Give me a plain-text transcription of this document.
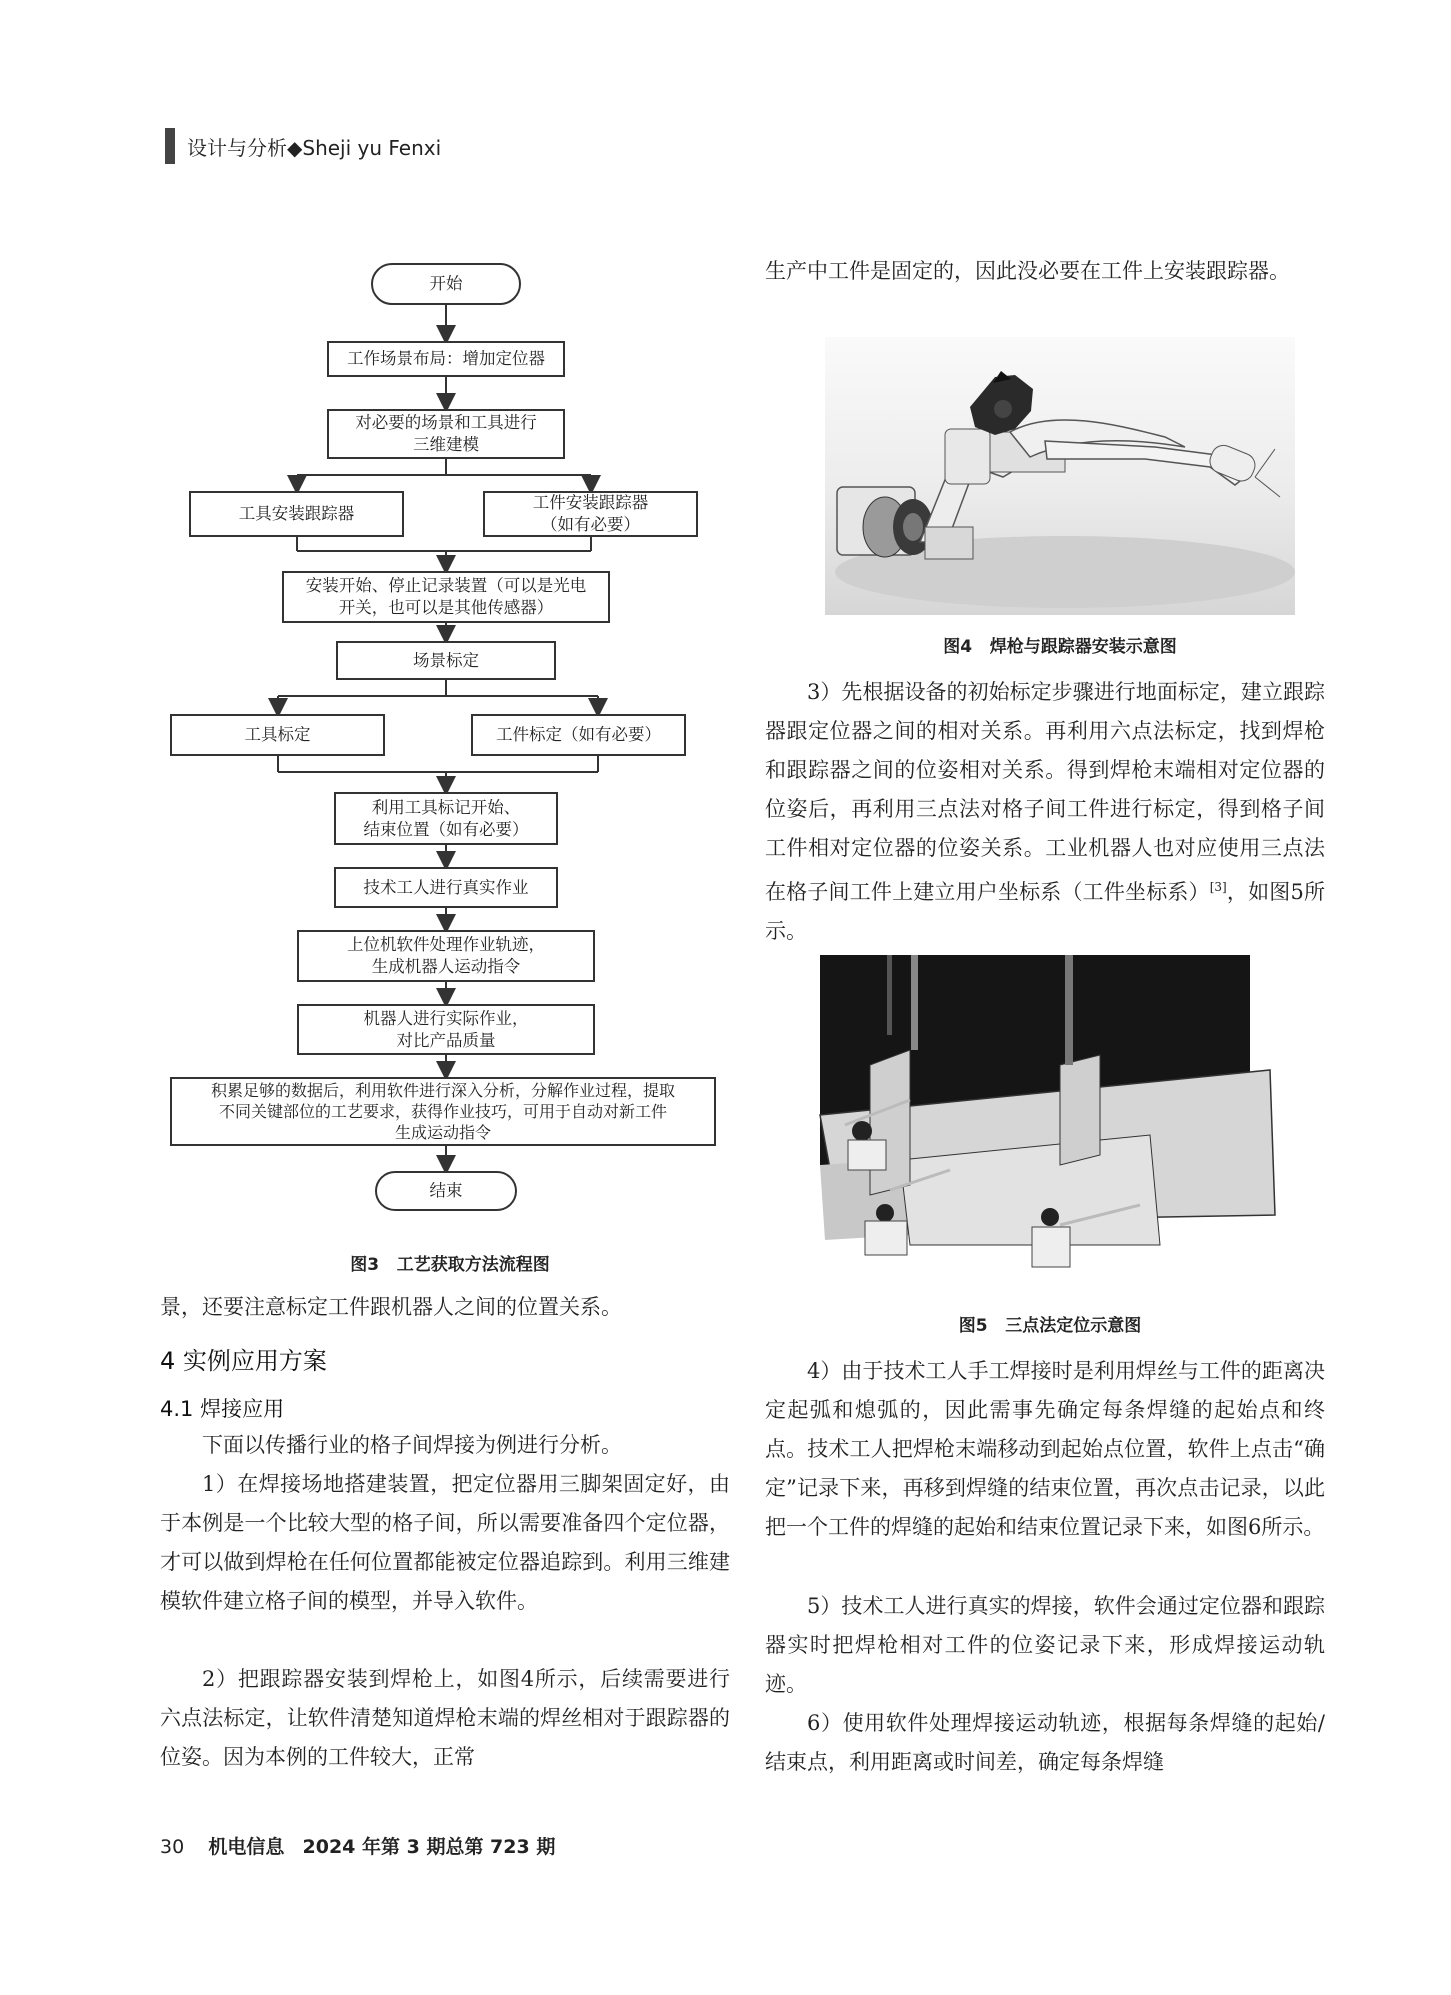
设计与分析◆Sheji yu Fenxi
开始
工作场景布局：增加定位器
对必要的场景和工具进行
三维建模
工具安装跟踪器
工件安装跟踪器
（如有必要）
安装开始、停止记录装置（可以是光电
开关，也可以是其他传感器）
场景标定
工具标定	工件标定（如有必要）
利用工具标记开始、
结束位置（如有必要）
技术工人进行真实作业
上位机软件处理作业轨迹，
生成机器人运动指令
机器人进行实际作业，
对比产品质量
积累足够的数据后，利用软件进行深入分析，分解作业过程，提取
不同关键部位的工艺要求，获得作业技巧，可用于自动对新工件
生成运动指令
结束
图3   工艺获取方法流程图
景，还要注意标定工件跟机器人之间的位置关系。
4 实例应用方案
4.1 焊接应用
下面以传播行业的格子间焊接为例进行分析。
1）在焊接场地搭建装置，把定位器用三脚架固定好，由于本例是一个比较大型的格子间，所以需要准备四个定位器，才可以做到焊枪在任何位置都能被定位器追踪到。利用三维建模软件建立格子间的模型，并导入软件。
2）把跟踪器安装到焊枪上，如图4所示，后续需要进行六点法标定，让软件清楚知道焊枪末端的焊丝相对于跟踪器的位姿。因为本例的工件较大，正常
生产中工件是固定的，因此没必要在工件上安装跟踪器。
图4   焊枪与跟踪器安装示意图
3）先根据设备的初始标定步骤进行地面标定，建立跟踪器跟定位器之间的相对关系。再利用六点法标定，找到焊枪和跟踪器之间的位姿相对关系。得到焊枪末端相对定位器的位姿后，再利用三点法对格子间工件进行标定，得到格子间工件相对定位器的位姿关系。工业机器人也对应使用三点法在格子间工件上建立用户坐标系（工件坐标系）[3]，如图5所示。
图5   三点法定位示意图
4）由于技术工人手工焊接时是利用焊丝与工件的距离决定起弧和熄弧的，因此需事先确定每条焊缝的起始点和终点。技术工人把焊枪末端移动到起始点位置，软件上点击“确定”记录下来，再移到焊缝的结束位置，再次点击记录，以此把一个工件的焊缝的起始和结束位置记录下来，如图6所示。
5）技术工人进行真实的焊接，软件会通过定位器和跟踪器实时把焊枪相对工件的位姿记录下来，形成焊接运动轨迹。
6）使用软件处理焊接运动轨迹，根据每条焊缝的起始/结束点，利用距离或时间差，确定每条焊缝
30 机电信息 2024 年第 3 期总第 723 期
